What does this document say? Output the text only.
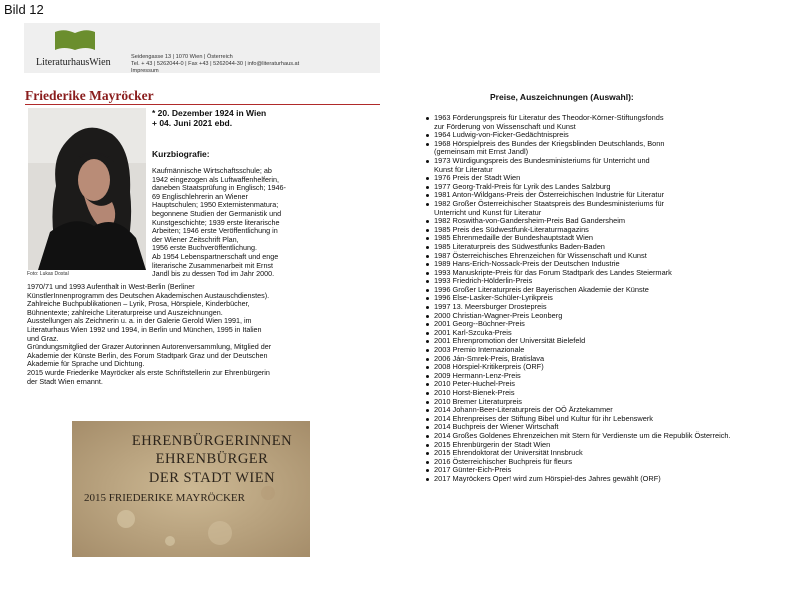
Bild 12
LiteraturhausWien	Seidengasse 13 | 1070 Wien | Österreich
Tel. + 43 | 5262044-0 | Fax +43 | 5262044-30 | info@literaturhaus.at
Impressum
Friederike Mayröcker
Foto: Lukas Dostal
* 20. Dezember 1924 in Wien
+ 04. Juni 2021 ebd.
Kurzbiografie:

Kaufmännische Wirtschaftsschule; ab

1942 eingezogen als Luftwaffenhelferin,

daneben Staatsprüfung in Englisch; 1946-

69 Englischlehrerin an Wiener

Hauptschulen; 1950 Externistenmatura;

begonnene Studien der Germanistik und

Kunstgeschichte; 1939 erste literarische

Arbeiten; 1946 erste Veröffentlichung in

der Wiener Zeitschrift Plan,

1956 erste Buchveröffentlichung.

Ab 1954 Lebenspartnerschaft und enge

literarische Zusammenarbeit mit Ernst

Jandl bis zu dessen Tod im Jahr 2000.

1970/71 und 1993 Aufenthalt in West-Berlin (Berliner

KünstlerInnenprogramm des Deutschen Akademischen Austauschdienstes).

Zahlreiche Buchpublikationen – Lyrik, Prosa, Hörspiele, Kinderbücher,

Bühnentexte; zahlreiche Literaturpreise und Auszeichnungen.

Ausstellungen als Zeichnerin u. a. in der Galerie Gerold Wien 1991, im

Literaturhaus Wien 1992 und 1994, in Berlin und München, 1995 in Italien

und Graz.

Gründungsmitglied der Grazer Autorinnen Autorenversammlung, Mitglied der

Akademie der Künste Berlin, des Forum Stadtpark Graz und der Deutschen

Akademie für Sprache und Dichtung.

2015 wurde Friederike Mayröcker als erste Schriftstellerin zur Ehrenbürgerin

der Stadt Wien ernannt.

EHRENBÜRGERINNEN
EHRENBÜRGER
DER STADT WIEN
2015 FRIEDERIKE MAYRÖCKER
Preise, Auszeichnungen (Auswahl):
1963 Förderungspreis für Literatur des Theodor-Körner-Stiftungsfonds
zur Förderung von Wissenschaft und Kunst
1964 Ludwig-von-Ficker-Gedächtnispreis
1968 Hörspielpreis des Bundes der Kriegsblinden Deutschlands, Bonn
(gemeinsam mit Ernst Jandl)
1973 Würdigungspreis des Bundesministeriums für Unterricht und
Kunst für Literatur
1976 Preis der Stadt Wien
1977 Georg-Trakl-Preis für Lyrik des Landes Salzburg
1981 Anton-Wildgans-Preis der Österreichischen Industrie für Literatur
1982 Großer Österreichischer Staatspreis des Bundesministeriums für
Unterricht und Kunst für Literatur
1982 Roswitha-von-Gandersheim-Preis Bad Gandersheim
1985 Preis des Südwestfunk-Literaturmagazins
1985 Ehrenmedaille der Bundeshauptstadt Wien
1985 Literaturpreis des Südwestfunks Baden-Baden
1987 Österreichisches Ehrenzeichen für Wissenschaft und Kunst
1989 Hans-Erich-Nossack-Preis der Deutschen Industrie
1993 Manuskripte-Preis für das Forum Stadtpark des Landes Steiermark
1993 Friedrich-Hölderlin-Preis
1996 Großer Literaturpreis der Bayerischen Akademie der Künste
1996 Else-Lasker-Schüler-Lyrikpreis
1997 13. Meersburger Drostepreis
2000 Christian-Wagner-Preis Leonberg
2001 Georg--Büchner-Preis
2001 Karl-Szcuka-Preis
2001 Ehrenpromotion der Universität Bielefeld
2003 Premio Internazionale
2006 Ján-Smrek-Preis, Bratislava
2008 Hörspiel-Kritikerpreis (ORF)
2009 Hermann-Lenz-Preis
2010 Peter-Huchel-Preis
2010 Horst-Bienek-Preis
2010 Bremer Literaturpreis
2014 Johann-Beer-Literaturpreis der OÖ Ärztekammer
2014 Ehrenpreises der Stiftung Bibel und Kultur für ihr Lebenswerk
2014 Buchpreis der Wiener Wirtschaft
2014 Großes Goldenes Ehrenzeichen mit Stern für Verdienste um die Republik Österreich.
2015 Ehrenbürgerin der Stadt Wien
2015 Ehrendoktorat der Universität Innsbruck
2016 Österreichischer Buchpreis für fleurs
2017 Günter-Eich-Preis
2017 Mayröckers Oper! wird zum Hörspiel-des Jahres gewählt (ORF)
